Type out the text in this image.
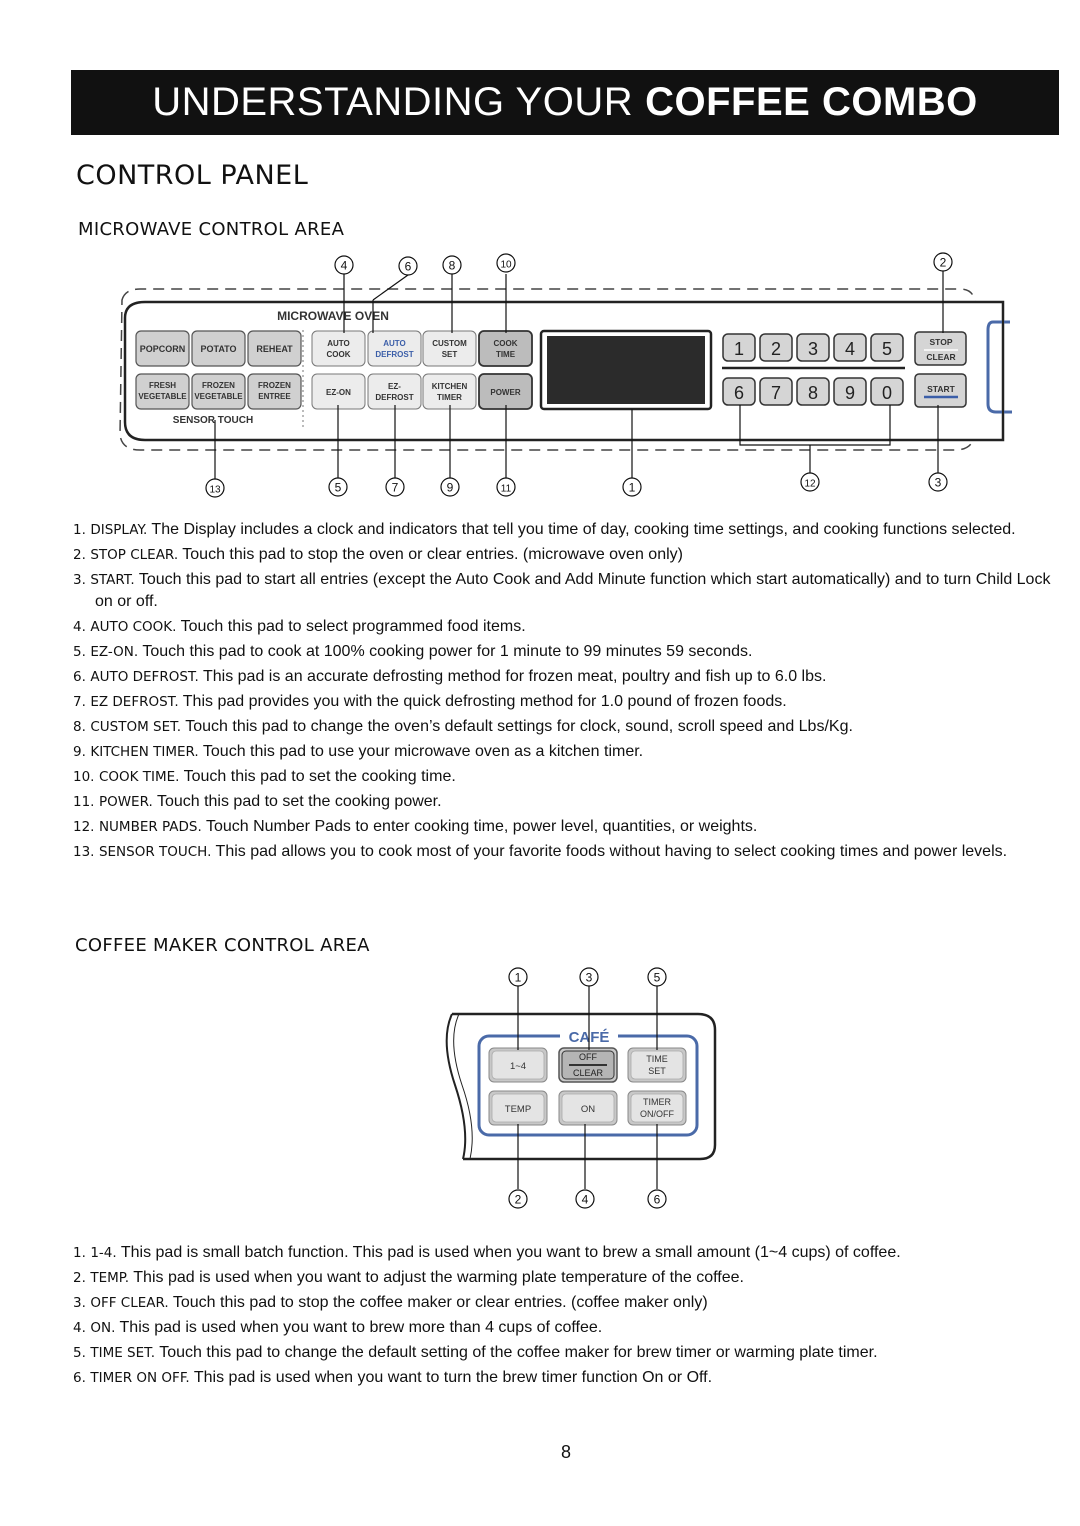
UNDERSTANDING YOUR COFFEE COMBO
CONTROL PANEL
MICROWAVE CONTROL AREA
MICROWAVE OVEN
POPCORN POTATO REHEAT
FRESH
VEGETABLE
FROZEN
VEGETABLE
FROZEN
ENTREE
AUTO
COOK
AUTO
DEFROST
CUSTOM
SET
COOK
TIME
EZ-ON
EZ-
DEFROST
KITCHEN
TIMER
POWER
SENSOR TOUCH
1 2 3 4 5
6 7 8 9 0
STOP
CLEAR
START
4	6	8	10	2
13	5	7	9	11	1	12	3
1. DISPLAY. The Display includes a clock and indicators that tell you time of day, cooking time settings, and cooking functions selected.
2. STOP CLEAR. Touch this pad to stop the oven or clear entries. (microwave oven only)
3. START. Touch this pad to start all entries (except the Auto Cook and Add Minute function which start automatically) and to turn Child Lock on or off.
4. AUTO COOK. Touch this pad to select programmed food items.
5. EZ-ON. Touch this pad to cook at 100% cooking power for 1 minute to 99 minutes 59 seconds.
6. AUTO DEFROST. This pad is an accurate defrosting method for frozen meat, poultry and fish up to 6.0 lbs.
7. EZ DEFROST. This pad provides you with the quick defrosting method for 1.0 pound of frozen foods.
8. CUSTOM SET. Touch this pad to change the oven’s default settings for clock, sound, scroll speed and Lbs/Kg.
9. KITCHEN TIMER. Touch this pad to use your microwave oven as a kitchen timer.
10. COOK TIME. Touch this pad to set the cooking time.
11. POWER. Touch this pad to set the cooking power.
12. NUMBER PADS. Touch Number Pads to enter cooking time, power level, quantities, or weights.
13. SENSOR TOUCH. This pad allows you to cook most of your favorite foods without having to select cooking times and power levels.
COFFEE MAKER CONTROL AREA
CAFÉ
1~4
OFF
CLEAR
TIME
SET
TEMP	ON
TIMER
ON/OFF
1	3	5
2	4	6
1. 1-4. This pad is small batch function. This pad is used when you want to brew a small amount (1~4 cups) of coffee.
2. TEMP. This pad is used when you want to adjust the warming plate temperature of the coffee.
3. OFF CLEAR. Touch this pad to stop the coffee maker or clear entries. (coffee maker only)
4. ON. This pad is used when you want to brew more than 4 cups of coffee.
5. TIME SET. Touch this pad to change the default setting of the coffee maker for brew timer or warming plate timer.
6. TIMER ON OFF. This pad is used when you want to turn the brew timer function On or Off.
8
